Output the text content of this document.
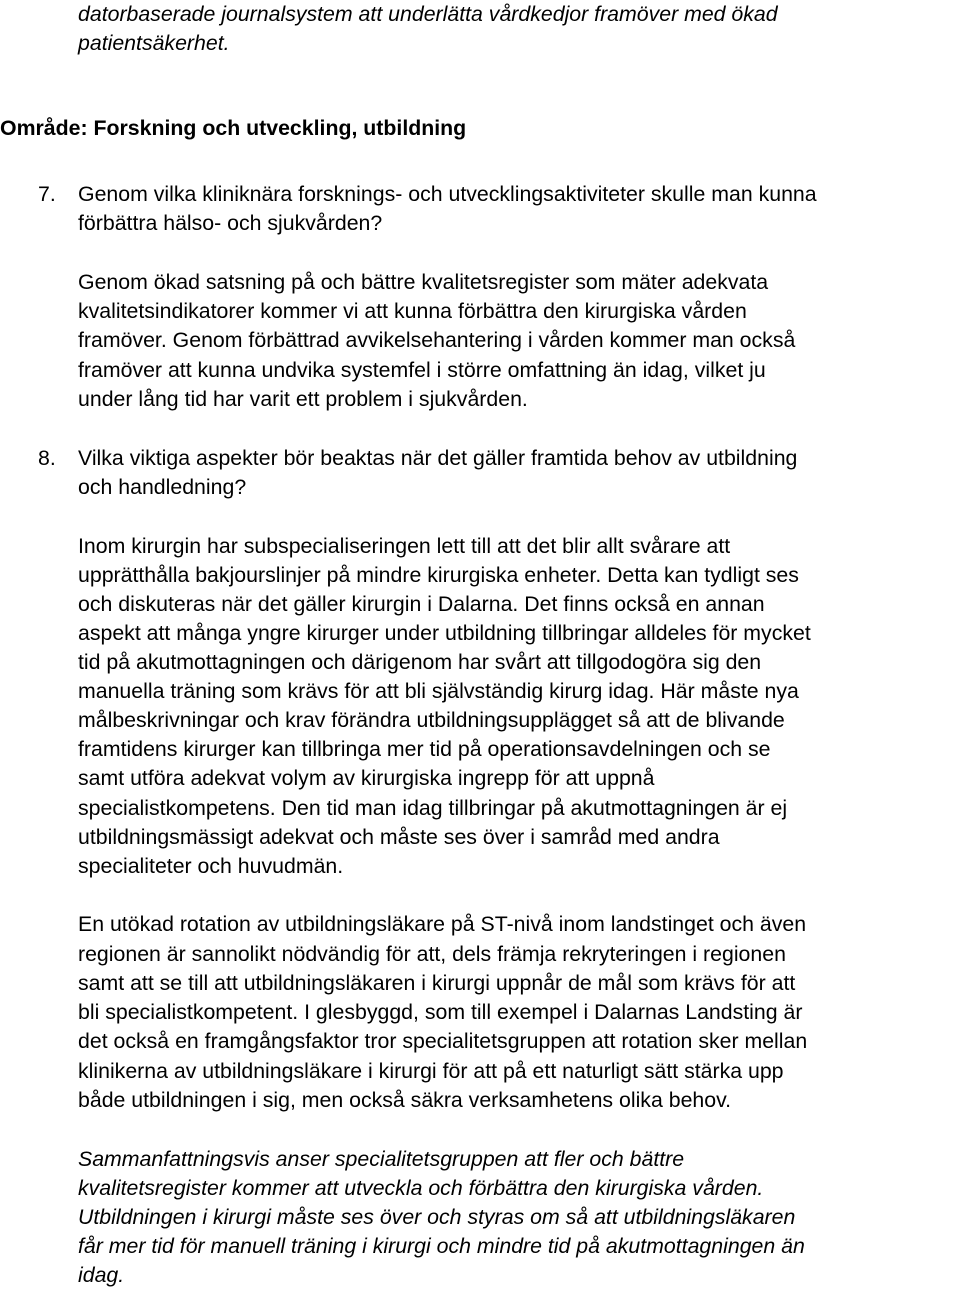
datorbaserade journalsystem att underlätta vårdkedjor framöver med ökad
patientsäkerhet.
Område: Forskning och utveckling, utbildning
7. Genom vilka kliniknära forsknings- och utvecklingsaktiviteter skulle man kunna
förbättra hälso- och sjukvården?
Genom ökad satsning på och bättre kvalitetsregister som mäter adekvata
kvalitetsindikatorer kommer vi att kunna förbättra den kirurgiska vården
framöver. Genom förbättrad avvikelsehantering i vården kommer man också
framöver att kunna undvika systemfel i större omfattning än idag, vilket ju
under lång tid har varit ett problem i sjukvården.
8. Vilka viktiga aspekter bör beaktas när det gäller framtida behov av utbildning
och handledning?
Inom kirurgin har subspecialiseringen lett till att det blir allt svårare att
upprätthålla bakjourslinjer på mindre kirurgiska enheter. Detta kan tydligt ses
och diskuteras när det gäller kirurgin i Dalarna. Det finns också en annan
aspekt att många yngre kirurger under utbildning tillbringar alldeles för mycket
tid på akutmottagningen och därigenom har svårt att tillgodogöra sig den
manuella träning som krävs för att bli självständig kirurg idag. Här måste nya
målbeskrivningar och krav förändra utbildningsupplägget så att de blivande
framtidens kirurger kan tillbringa mer tid på operationsavdelningen och se
samt utföra adekvat volym av kirurgiska ingrepp för att uppnå
specialistkompetens. Den tid man idag tillbringar på akutmottagningen är ej
utbildningsmässigt adekvat och måste ses över i samråd med andra
specialiteter och huvudmän.
En utökad rotation av utbildningsläkare på ST-nivå inom landstinget och även
regionen är sannolikt nödvändig för att, dels främja rekryteringen i regionen
samt att se till att utbildningsläkaren i kirurgi uppnår de mål som krävs för att
bli specialistkompetent. I glesbyggd, som till exempel i Dalarnas Landsting är
det också en framgångsfaktor tror specialitetsgruppen att rotation sker mellan
klinikerna av utbildningsläkare i kirurgi för att på ett naturligt sätt stärka upp
både utbildningen i sig, men också säkra verksamhetens olika behov.
Sammanfattningsvis anser specialitetsgruppen att fler och bättre
kvalitetsregister kommer att utveckla och förbättra den kirurgiska vården.
Utbildningen i kirurgi måste ses över och styras om så att utbildningsläkaren
får mer tid för manuell träning i kirurgi och mindre tid på akutmottagningen än
idag.
